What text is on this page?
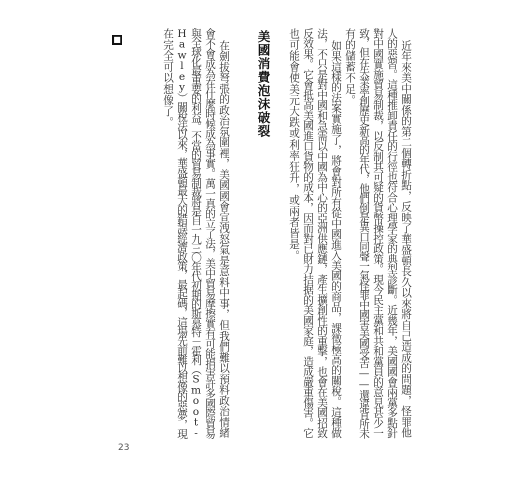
■
近年來美中關係的第二個轉折點，反映了華盛頓長久以來將自己造成的問題，怪罪他
人的惡習。這種推卸責任的行徑也符合心理學家的典型診斷。近幾年，美國國會兩黨多點針
對中國實施貿易制裁，以反制其可疑的貨幣操控政策。現今民主黨和共和黨員的意見甚少一
致，但在失業率創歷史新高的年代，他們倒是異口同聲一氣怪罪中國害美國受苦——還違背所未
有的儲蓄不足。
如果這樣的法案實施了，將會對所有從中國進入美國的商品，課徵極高的關稅。這種做
法，不只是對中國和急需以中國為中心的亞洲供應鏈，產生擴創性的重擊，也會在美國招致
反效果。它會抵高美國進口貨物的成本，因而對已財力拮据的美國家庭，造成嚴重傷害。它
也可能會使美元大跌或利率狂升，或兩者皆是。
美國消費泡沫破裂
在劍拔弩張的政治氛圍裡，美國國會宣洩怒氣是意料中事，但我們難以預料政治情緒
會不會成為在什麼時候成為事實。萬一真的立了法，美中貿易摩擦實有可能捐害許多國際貿易
與全球化最重要的利益。不當的貿易制裁將是自一九三〇年代初期的斯慕特－霍利（Smoot-
Hawley）關稅法以來，華盛頓最大的錯誤經濟政策，最起碼，這場先前難以想像的惡夢，現
在完全可以想像了。
23
